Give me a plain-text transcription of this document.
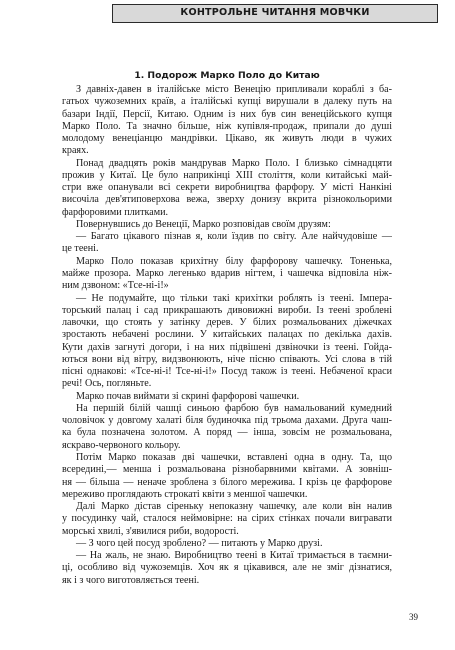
КОНТРОЛЬНЕ ЧИТАННЯ МОВЧКИ
1. Подорож Марко Поло до Китаю
З давніх-давен в італійське місто Венецію припливали кораблі з ба-
гатьох чужоземних країв, а італійські купці вирушали в далеку путь на
базари Індії, Персії, Китаю. Одним із них був син венеційського купця
Марко Поло. Та значно більше, ніж купівля-продаж, припали до душі
молодому венеціанцю мандрівки. Цікаво, як живуть люди в чужих
краях.
Понад двадцять років мандрував Марко Поло. І близько сімнадцяти
прожив у Китаї. Це було наприкінці XIII століття, коли китайські май-
стри вже опанували всі секрети виробництва фарфору. У місті Нанкіні
височіла дев'ятиповерхова вежа, зверху донизу вкрита різнокольорими
фарфоровими плитками.
Повернувшись до Венеції, Марко розповідав своїм друзям:
— Багато цікавого пізнав я, коли їздив по світу. Але найчудовіше —
це теені.
Марко Поло показав крихітну білу фарфорову чашечку. Тоненька,
майже прозора. Марко легенько вдарив нігтем, і чашечка відповіла ніж-
ним дзвоном: «Тсе-ні-і!»
— Не подумайте, що тільки такі крихітки роблять із теені. Імпера-
торський палац і сад прикрашають дивовижні вироби. Із теені зроблені
лавочки, що стоять у затінку дерев. У білих розмальованих діжечках
зростають небачені рослини. У китайських палацах по декілька дахів.
Кути дахів загнуті догори, і на них підвішені дзвіночки із теені. Гойда-
ються вони від вітру, видзвонюють, ніче пісню співають. Усі слова в тій
пісні однакові: «Тсе-ні-і! Тсе-ні-і!» Посуд також із теені. Небаченої краси
речі! Ось, погляньте.
Марко почав виймати зі скрині фарфорові чашечки.
На першій білій чашці синьою фарбою був намальований кумедний
чоловічок у довгому халаті біля будиночка під трьома дахами. Друга чаш-
ка була позначена золотом. А поряд — інша, зовсім не розмальована,
яскраво-червоного кольору.
Потім Марко показав дві чашечки, вставлені одна в одну. Та, що
всередині,— менша і розмальована різнобарвними квітами. А зовніш-
ня — більша — неначе зроблена з білого мережива. І крізь це фарфорове
мереживо проглядають строкаті квіти з меншої чашечки.
Далі Марко дістав сіреньку непоказну чашечку, але коли він налив
у посудинку чай, сталося неймовірне: на сірих стінках почали вигравати
морські хвилі, з'явилися риби, водорості.
— З чого цей посуд зроблено? — питають у Марко друзі.
— На жаль, не знаю. Виробництво теені в Китаї тримається в таємни-
ці, особливо від чужоземців. Хоч як я цікавився, але не зміг дізнатися,
як і з чого виготовляється теені.
39
